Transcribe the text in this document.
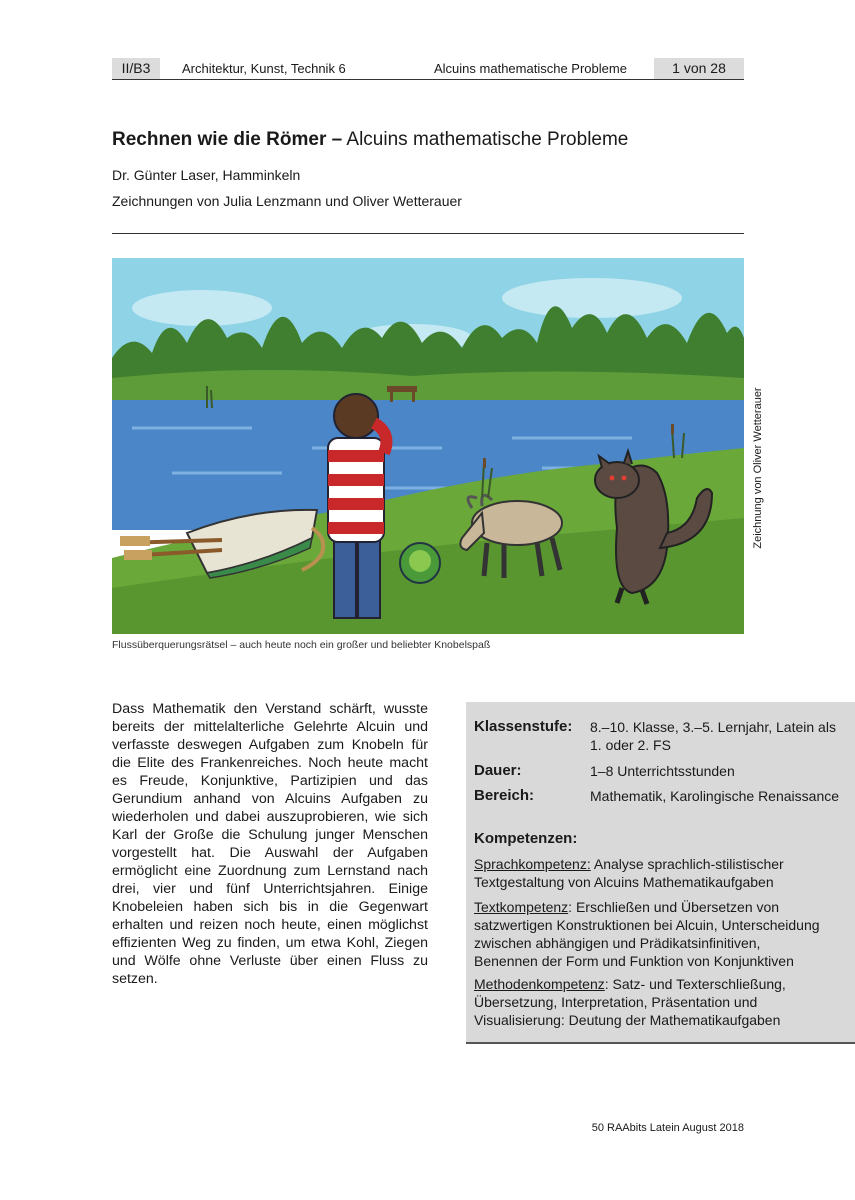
II/B3	Architektur, Kunst, Technik 6	Alcuins mathematische Probleme	1 von 28
Rechnen wie die Römer – Alcuins mathematische Probleme
Dr. Günter Laser, Hamminkeln
Zeichnungen von Julia Lenzmann und Oliver Wetterauer
Zeichnung von Oliver Wetterauer
Flussüberquerungsrätsel – auch heute noch ein großer und beliebter Knobelspaß
Dass Mathematik den Verstand schärft, wusste bereits der mittelalterliche Gelehrte Alcuin und verfasste deswegen Aufgaben zum Knobeln für die Elite des Frankenreiches. Noch heute macht es Freude, Konjunktive, Partizipien und das Gerundium anhand von Alcuins Aufgaben zu wiederholen und dabei auszuprobieren, wie sich Karl der Große die Schulung junger Menschen vorgestellt hat. Die Auswahl der Aufgaben ermöglicht eine Zuordnung zum Lernstand nach drei, vier und fünf Unterrichtsjahren. Einige Knobeleien haben sich bis in die Gegenwart erhalten und reizen noch heute, einen möglichst effizienten Weg zu finden, um etwa Kohl, Ziegen und Wölfe ohne Verluste über einen Fluss zu setzen.
Klassenstufe: 8.–10. Klasse, 3.–5. Lernjahr, Latein als 1. oder 2. FS
Dauer:	1–8 Unterrichtsstunden
Bereich:	Mathematik, Karolingische Renaissance
Kompetenzen:
Sprachkompetenz: Analyse sprachlich-stilistischer Textgestaltung von Alcuins Mathematikaufgaben
Textkompetenz: Erschließen und Übersetzen von satzwertigen Konstruktionen bei Alcuin, Unterscheidung zwischen abhängigen und Prädikatsinfinitiven, Benennen der Form und Funktion von Konjunktiven
Methodenkompetenz: Satz- und Texterschließung, Übersetzung, Interpretation, Präsentation und Visualisierung: Deutung der Mathematikaufgaben
50 RAAbits Latein August 2018
